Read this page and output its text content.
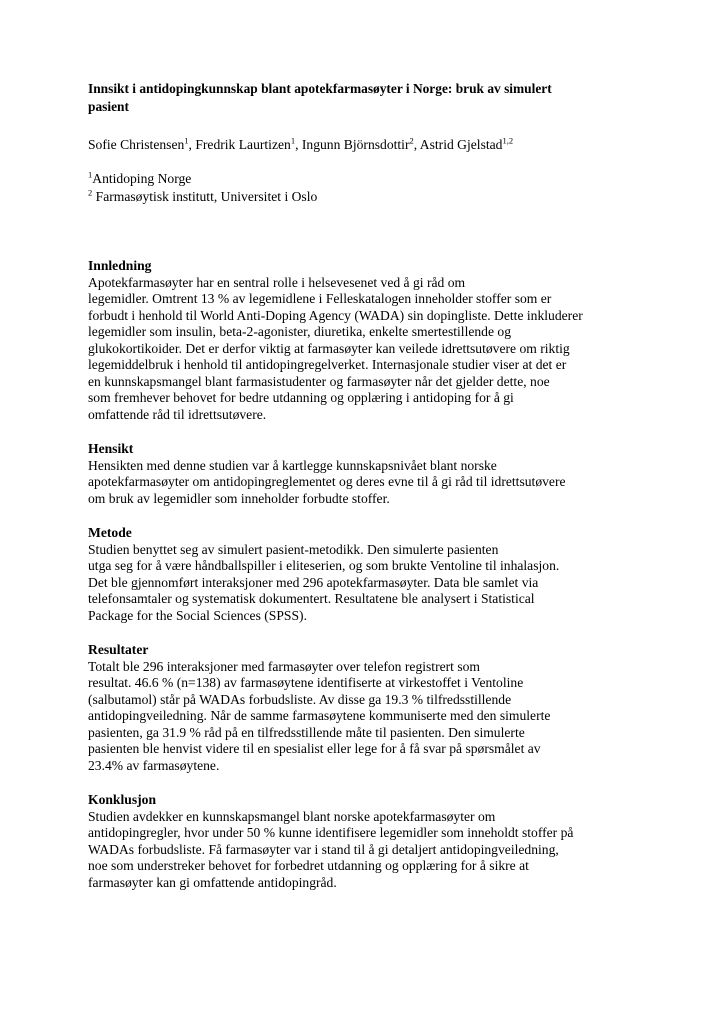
Innsikt i antidopingkunnskap blant apotekfarmasøyter i Norge: bruk av simulert
pasient
Sofie Christensen$^1$, Fredrik Laurtizen$^1$, Ingunn Björnsdottir$^2$, Astrid Gjelstad$^{1,2}$
$^1$Antidoping Norge
$^2$ Farmasøytisk institutt, Universitet i Oslo
Innledning
Apotekfarmasøyter har en sentral rolle i helsevesenet ved å gi råd om
legemidler. Omtrent 13 % av legemidlene i Felleskatalogen inneholder stoffer som er
forbudt i henhold til World Anti-Doping Agency (WADA) sin dopingliste. Dette inkluderer
legemidler som insulin, beta-2-agonister, diuretika, enkelte smertestillende og
glukokortikoider. Det er derfor viktig at farmasøyter kan veilede idrettsutøvere om riktig
legemiddelbruk i henhold til antidopingregelverket. Internasjonale studier viser at det er
en kunnskapsmangel blant farmasistudenter og farmasøyter når det gjelder dette, noe
som fremhever behovet for bedre utdanning og opplæring i antidoping for å gi
omfattende råd til idrettsutøvere.
Hensikt
Hensikten med denne studien var å kartlegge kunnskapsnivået blant norske
apotekfarmasøyter om antidopingreglementet og deres evne til å gi råd til idrettsutøvere
om bruk av legemidler som inneholder forbudte stoffer.
Metode
Studien benyttet seg av simulert pasient-metodikk. Den simulerte pasienten
utga seg for å være håndballspiller i eliteserien, og som brukte Ventoline til inhalasjon.
Det ble gjennomført interaksjoner med 296 apotekfarmasøyter. Data ble samlet via
telefonsamtaler og systematisk dokumentert. Resultatene ble analysert i Statistical
Package for the Social Sciences (SPSS).
Resultater
Totalt ble 296 interaksjoner med farmasøyter over telefon registrert som
resultat. 46.6 % (n=138) av farmasøytene identifiserte at virkestoffet i Ventoline
(salbutamol) står på WADAs forbudsliste. Av disse ga 19.3 % tilfredsstillende
antidopingveiledning. Når de samme farmasøytene kommuniserte med den simulerte
pasienten, ga 31.9 % råd på en tilfredsstillende måte til pasienten. Den simulerte
pasienten ble henvist videre til en spesialist eller lege for å få svar på spørsmålet av
23.4% av farmasøytene.
Konklusjon
Studien avdekker en kunnskapsmangel blant norske apotekfarmasøyter om
antidopingregler, hvor under 50 % kunne identifisere legemidler som inneholdt stoffer på
WADAs forbudsliste. Få farmasøyter var i stand til å gi detaljert antidopingveiledning,
noe som understreker behovet for forbedret utdanning og opplæring for å sikre at
farmasøyter kan gi omfattende antidopingråd.
